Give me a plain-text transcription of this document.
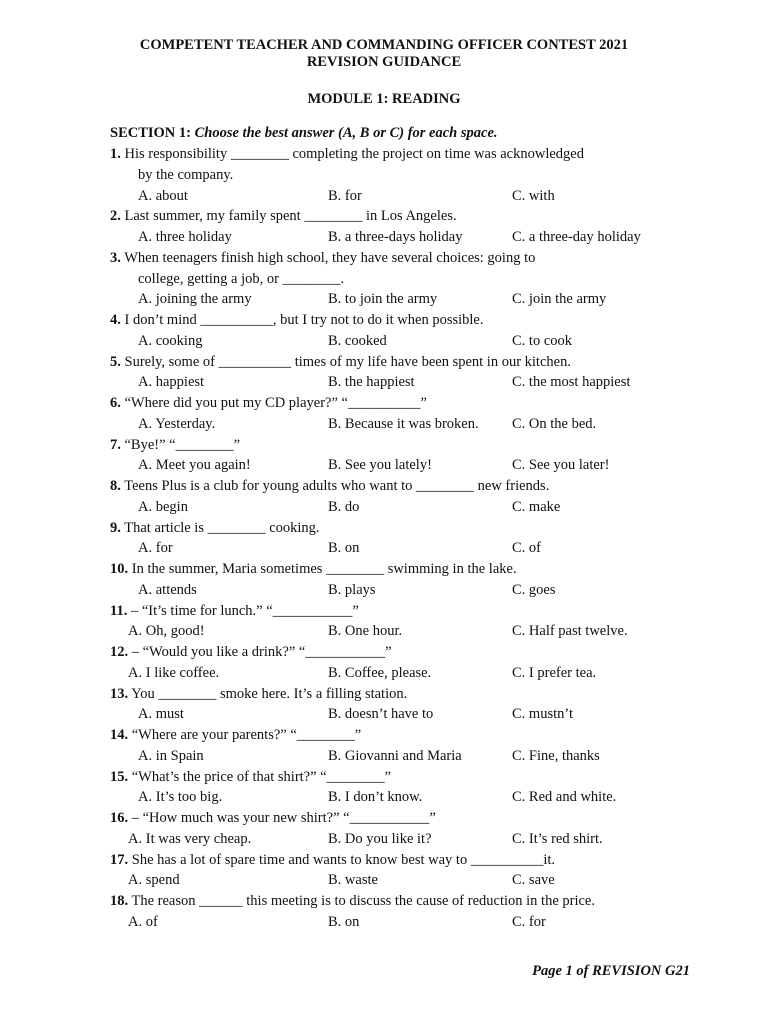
COMPETENT TEACHER AND COMMANDING OFFICER CONTEST 2021
REVISION GUIDANCE
MODULE 1: READING
SECTION 1: Choose the best answer (A, B or C) for each space.
1. His responsibility ________ completing the project on time was acknowledged
by the company.
A. about	B. for	C. with
2. Last summer, my family spent ________ in Los Angeles.
A. three holiday	B. a three-days holiday	C. a three-day holiday
3. When teenagers finish high school, they have several choices: going to
college, getting a job, or ________.
A. joining the army	B. to join the army	C. join the army
4. I don’t mind __________, but I try not to do it when possible.
A. cooking	B. cooked	C. to cook
5. Surely, some of __________ times of my life have been spent in our kitchen.
A. happiest	B. the happiest	C. the most happiest
6. “Where did you put my CD player?” “__________”
A. Yesterday.	B. Because it was broken. C. On the bed.
7. “Bye!” “________”
A. Meet you again!	B. See you lately!	C. See you later!
8. Teens Plus is a club for young adults who want to ________ new friends.
A. begin	B. do	C. make
9. That article is ________ cooking.
A. for	B. on	C. of
10. In the summer, Maria sometimes ________ swimming in the lake.
A. attends	B. plays	C. goes
11. – “It’s time for lunch.” “___________”
A. Oh, good!	B. One hour.	C. Half past twelve.
12. – “Would you like a drink?” “___________”
A. I like coffee.	B. Coffee, please.	C. I prefer tea.
13. You ________ smoke here. It’s a filling station.
A. must	B. doesn’t have to	C. mustn’t
14. “Where are your parents?” “________”
A. in Spain	B. Giovanni and Maria	C. Fine, thanks
15. “What’s the price of that shirt?” “________”
A. It’s too big.	B. I don’t know.	C. Red and white.
16. – “How much was your new shirt?” “___________”
A. It was very cheap.	B. Do you like it?	C. It’s red shirt.
17. She has a lot of spare time and wants to know best way to __________it.
A. spend	B. waste	C. save
18. The reason ______ this meeting is to discuss the cause of reduction in the price.
A. of	B. on	C. for
Page 1 of REVISION G21
